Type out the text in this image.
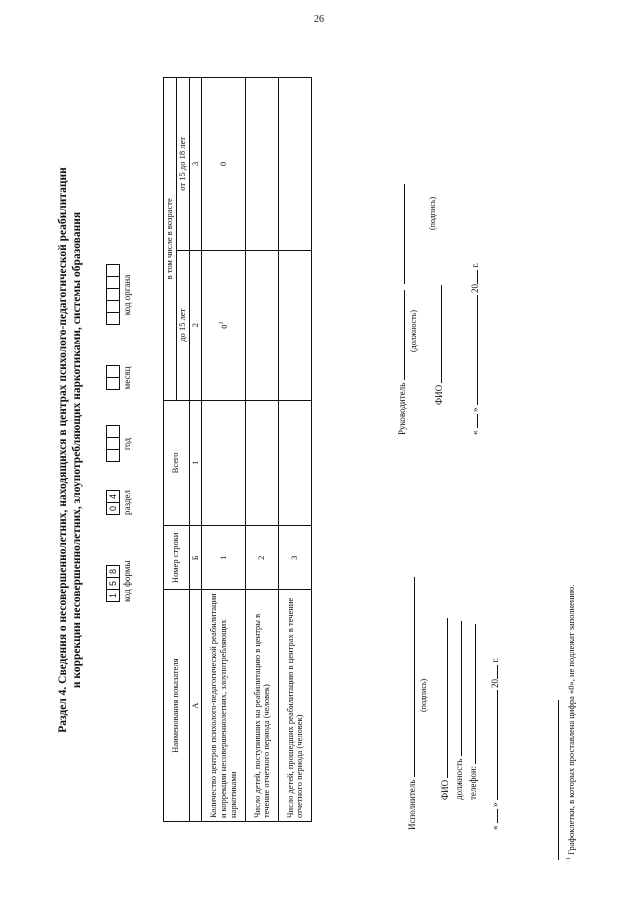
26
Раздел 4. Сведения о несовершеннолетних, находящихся в центрах психолого-педагогической реабилитации и коррекции несовершеннолетних, злоупотребляющих наркотиками, системы образования	1
5
8 код формы
0
4 раздел
год
месяц
код органа
Наименования показателя	Номер строки	Всего	в том числе в возрасте	
			до 15 лет	от 15 до 18 лет
А	Б	1	2	3
Количество центров психолого-педагогической реабилитации и коррекции несовершеннолетних, злоупотребляющих наркотиками	1		$0^1$	0
Число детей, поступивших на реабилитацию в центры в течение отчетного периода (человек)	2			
Число детей, прошедших реабилитацию в центрах в течение отчетного периода (человек)	3			
Исполнитель
(подпись)
ФИО должность телефон:
«  »  20 г.
Руководитель
(должность)
ФИО
(подпись)
«  »  20 г.
$^1$ Графоклетки, в которых проставлена цифра «0», не подлежат заполнению.
